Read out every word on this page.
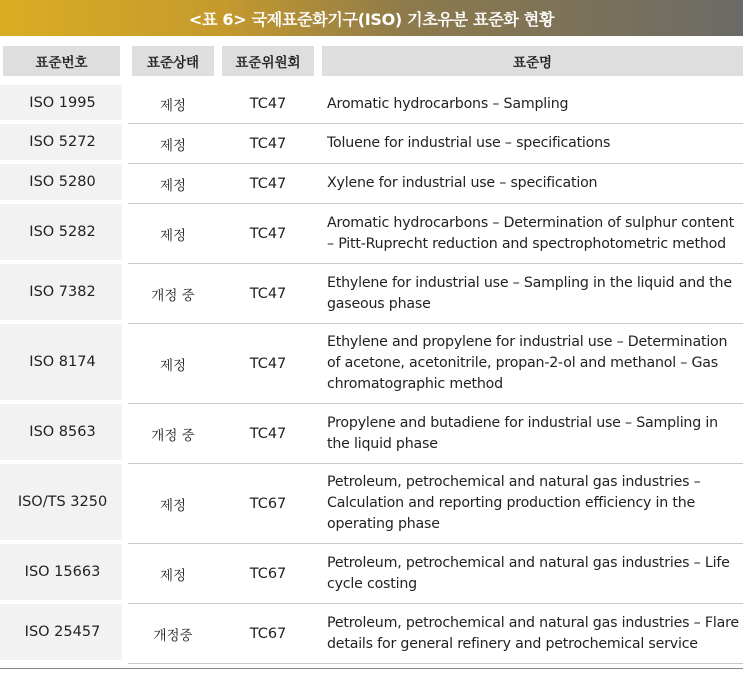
<표 6> 국제표준화기구(ISO) 기초유분 표준화 현황
표준번호	표준상태	표준위원회	표준명

ISO 1995	제정	TC47	Aromatic hydrocarbons – Sampling
ISO 5272	제정	TC47	Toluene for industrial use – specifications
ISO 5280	제정	TC47	Xylene for industrial use – specification
ISO 5282	제정	TC47	Aromatic hydrocarbons – Determination of sulphur content – Pitt-Ruprecht reduction and spectrophotometric method
ISO 7382	개정 중	TC47	Ethylene for industrial use – Sampling in the liquid and the gaseous phase
ISO 8174	제정	TC47	Ethylene and propylene for industrial use – Determination of acetone, acetonitrile, propan-2-ol and methanol – Gas chromatographic method
ISO 8563	개정 중	TC47	Propylene and butadiene for industrial use – Sampling in the liquid phase
ISO/TS 3250	제정	TC67	Petroleum, petrochemical and natural gas industries – Calculation and reporting production efficiency in the operating phase
ISO 15663	제정	TC67	Petroleum, petrochemical and natural gas industries – Life cycle costing
ISO 25457	개정중	TC67	Petroleum, petrochemical and natural gas industries – Flare details for general refinery and petrochemical service
